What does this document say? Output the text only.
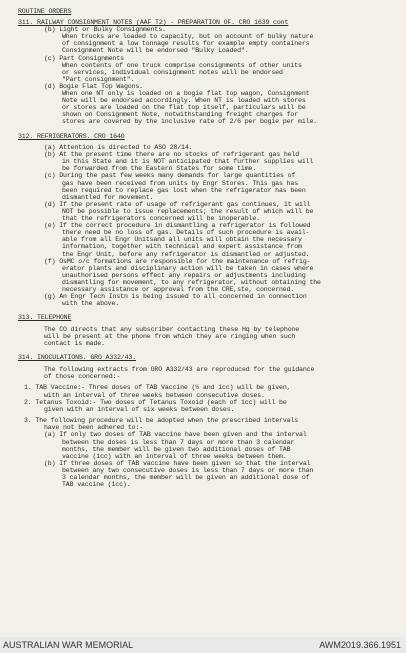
ROUTINE ORDERS
311. RAILWAY CONSIGNMENT NOTES (AAF T2) - PREPARATION OF. CRO 1639 cont
(b) Light or Bulky Consignments.
When trucks are loaded to capacity, but on account of bulky nature
of consignment a low tonnage results for example empty containers
Consignment Note will be endorsed "Bulky Loaded".
(c) Part Consignments
When contents of one truck comprise consignments of other units
or services, individual consignment notes will be endorsed
"Part consignment".
(d) Bogie Flat Top Wagons.
When one NT only is loaded on a bogie flat top wagon, Consignment
Note will be endorsed accordingly. When NT is loaded with stores
or stores are loaded on the flat top itself, particulars will be
shown on Consignment Note, notwithstanding freight charges for
stores are covered by the inclusive rate of 2/6 per bogie per mile.
312. REFRIGERATORS. CRO 1640
(a) Attention is directed to ASO 28/14.
(b) At the present time there are no stocks of refrigerant gas held
in this State and it is NOT anticipated that further supplies will
be forwarded from the Eastern States for some time.
(c) During the past few weeks many demands for large quantities of
gas have been received from units by Engr Stores. This gas has
been required to replace gas lost when the refrigerator has been
dismantled for movement.
(d) If the present rate of usage of refrigerant gas continues, it will
NOT be possible to issue replacements; the result of which will be
that the refrigerators concerned will be inoperable.
(e) If the correct procedure in dismantling a refrigerator is followed
there need be no loss of gas. Details of such procedure is avail-
able from all Engr Unitsand all units will obtain the necessary
information, together with technical and expert assistance from
the Engr Unit, before any refrigerator is dismantled or adjusted.
(f) OsMC o/c formations are responsible for the maintenance of refrig-
erator plants and disciplinary action will be taken in cases where
unauthorised persons effect any repairs or adjustments including
dismantling for movement, to any refrigerator, without obtaining the
necessary assistance or approval from the CRE,ste, concerned.
(g) An Engr Tech Instn is being issued to all concerned in connection
with the above.
313. TELEPHONE
The CO directs that any subscriber contacting these Hq by telephone
will be present at the phone from which they are ringing when such
contact is made.
314. INOCULATIONS. GRO A332/43.
The following extracts from GRO A332/43 are reproduced for the guidance
of those concerned:-
1. TAB Vaccine:- Three doses of TAB Vaccine (½ and 1cc) will be given,
with an interval of three weeks between consecutive doses.
2. Tetanus Toxoid:- Two doses of Tetanus Toxoid (each of 1cc) will be
given with an interval of six weeks between doses.
3. The following procedure will be adopted when the prescribed intervals
have not been adhered to:-
(a) If only two doses of TAB vaccine have been given and the interval
between the doses is less than 7 days or more than 3 calendar
months, the member will be given two additional doses of TAB
vaccine (1cc) with an interval of three weeks between them.
(b) If three doses of TAB vaccine have been given so that the interval
between any two consecutive doses is less than 7 days or more than
3 calendar months, the member will be given an additional dose of
TAB vaccine (1cc).
AUSTRALIAN WAR MEMORIAL	AWM2019.366.1951
